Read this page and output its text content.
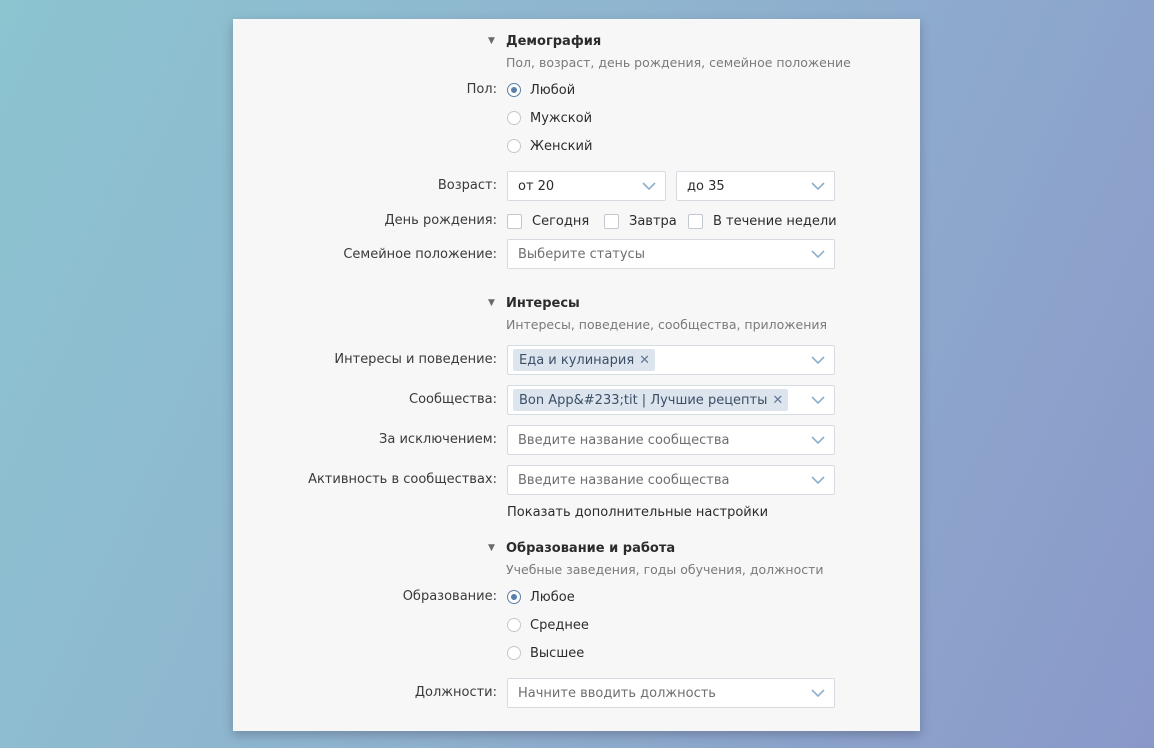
▼ Демография
Пол, возраст, день рождения, семейное положение
Пол:	Любой
Мужской
Женский
Возраст: от 20	до 35
День рождения:	Сегодня	Завтра	В течение недели
Семейное положение: Выберите статусы
▼ Интересы
Интересы, поведение, сообщества, приложения
Интересы и поведение: Еда и кулинария ✕
Сообщества: Bon App&#233;tit | Лучшие рецепты ✕
За исключением: Введите название сообщества
Активность в сообществах: Введите название сообщества
Показать дополнительные настройки
▼ Образование и работа
Учебные заведения, годы обучения, должности
Образование:	Любое
Среднее
Высшее
Должности: Начните вводить должность
